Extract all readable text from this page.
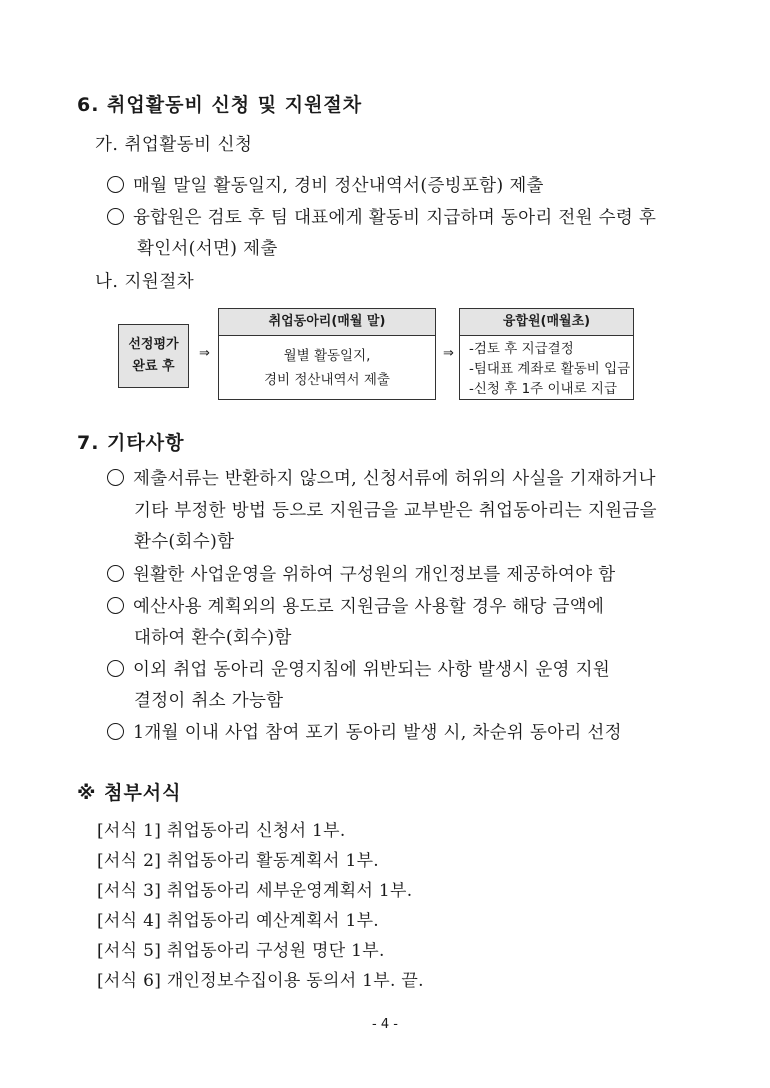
6. 취업활동비 신청 및 지원절차
가. 취업활동비 신청
매월 말일 활동일지, 경비 정산내역서(증빙포함) 제출
융합원은 검토 후 팀 대표에게 활동비 지급하며 동아리 전원 수령 후
확인서(서면) 제출
나. 지원절차
선정평가
완료 후
⇒
취업동아리(매월 말)
월별 활동일지,
경비 정산내역서 제출
⇒
융합원(매월초)
-검토 후 지급결정
-팀대표 계좌로 활동비 입금
-신청 후 1주 이내로 지급
7. 기타사항
제출서류는 반환하지 않으며, 신청서류에 허위의 사실을 기재하거나
기타 부정한 방법 등으로 지원금을 교부받은 취업동아리는 지원금을
환수(회수)함
원활한 사업운영을 위하여 구성원의 개인정보를 제공하여야 함
예산사용 계획외의 용도로 지원금을 사용할 경우 해당 금액에
대하여 환수(회수)함
이외 취업 동아리 운영지침에 위반되는 사항 발생시 운영 지원
결정이 취소 가능함
1개월 이내 사업 참여 포기 동아리 발생 시, 차순위 동아리 선정
※ 첨부서식
[서식 1] 취업동아리 신청서 1부.
[서식 2] 취업동아리 활동계획서 1부.
[서식 3] 취업동아리 세부운영계획서 1부.
[서식 4] 취업동아리 예산계획서 1부.
[서식 5] 취업동아리 구성원 명단 1부.
[서식 6] 개인정보수집이용 동의서 1부. 끝.
- 4 -
